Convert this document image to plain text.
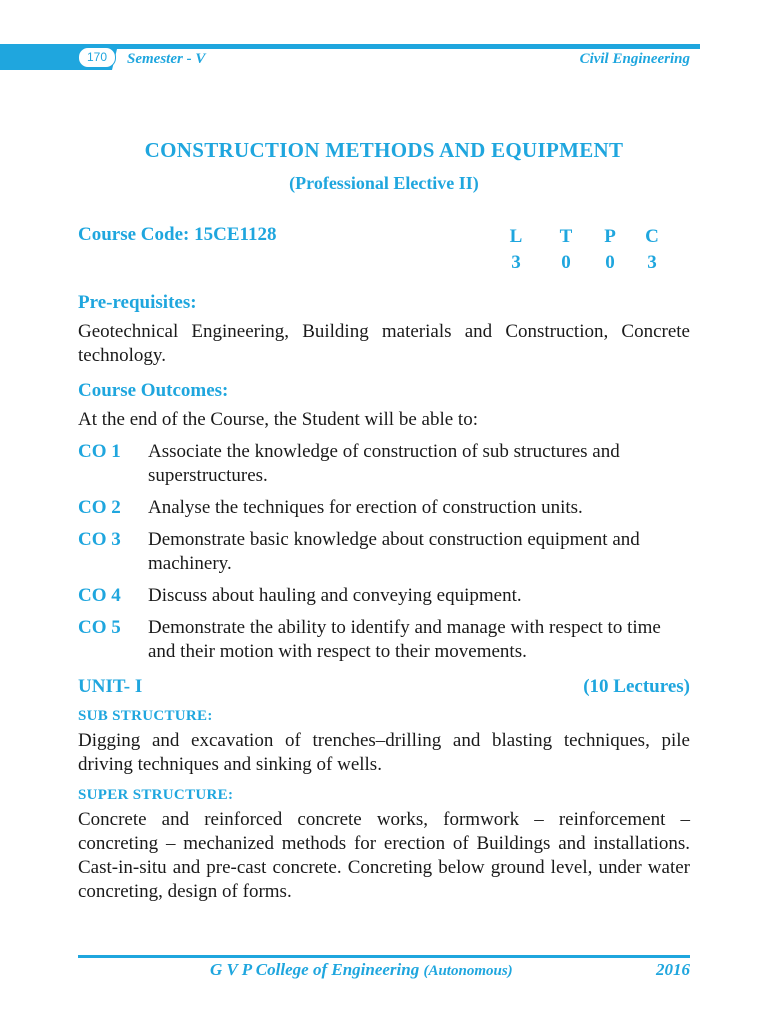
170	Semester - V	Civil Engineering
CONSTRUCTION METHODS AND EQUIPMENT
(Professional Elective II)
Course Code: 15CE1128	L T P C
3 0 0 3
Pre-requisites:

Geotechnical Engineering, Building materials and Construction, Concrete technology.

Course Outcomes:

At the end of the Course, the Student will be able to:

CO 1	Associate the knowledge of construction of sub structures and superstructures.
CO 2	Analyse the techniques for erection of construction units.
CO 3	Demonstrate basic knowledge about construction equipment and machinery.
CO 4	Discuss about hauling and conveying equipment.
CO 5	Demonstrate the ability to identify and manage with respect to time and their motion with respect to their movements.
UNIT- I	(10 Lectures)
SUB STRUCTURE:

Digging and excavation of trenches–drilling and blasting techniques, pile driving techniques and sinking of wells.

SUPER STRUCTURE:

Concrete and reinforced concrete works, formwork – reinforcement – concreting – mechanized methods for erection of Buildings and installations. Cast-in-situ and pre-cast concrete. Concreting below ground level, under water concreting, design of forms.

G V P College of Engineering (Autonomous)	2016
